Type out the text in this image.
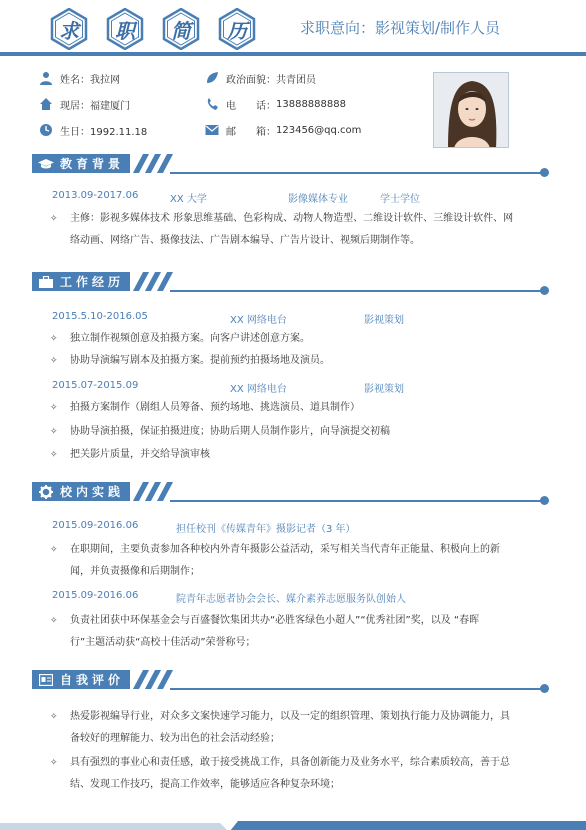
求 职 简 历	求职意向：影视策划/制作人员
姓名：我拉网
现居：福建厦门
生日：1992.11.18
政治面貌：共青团员
电　　话： 13888888888
邮　　箱： 123456@qq.com
教育背景
2013.09-2017.06	XX 大学	影像媒体专业	学士学位
✧	主修：影视多媒体技术 形象思维基础、色彩构成、动物人物造型、二维设计软件、三维设计软件、网
络动画、网络广告、摄像技法、广告剧本编导、广告片设计、视频后期制作等。
工作经历
2015.5.10-2016.05	XX 网络电台	影视策划
✧	独立制作视频创意及拍摄方案。向客户讲述创意方案。
✧	协助导演编写剧本及拍摄方案。提前预约拍摄场地及演员。
2015.07-2015.09	XX 网络电台	影视策划
✧	拍摄方案制作（剧组人员筹备、预约场地、挑选演员、道具制作）
✧	协助导演拍摄，保证拍摄进度；协助后期人员制作影片，向导演提交初稿
✧	把关影片质量，并交给导演审核
校内实践
2015.09-2016.06	担任校刊《传媒青年》摄影记者（3 年）
✧	在职期间，主要负责参加各种校内外青年摄影公益活动，采写相关当代青年正能量、积极向上的新
闻，并负责摄像和后期制作；
2015.09-2016.06	院青年志愿者协会会长、媒介素养志愿服务队创始人
✧	负责社团获中环保基金会与百盛餐饮集团共办“必胜客绿色小超人”“优秀社团”奖，以及 “春晖
行”主题活动获“高校十佳活动”荣誉称号；
自我评价
✧	热爱影视编导行业，对众多文案快速学习能力，以及一定的组织管理、策划执行能力及协调能力，具
备较好的理解能力、较为出色的社会活动经验；
✧	具有强烈的事业心和责任感，敢于接受挑战工作，具备创新能力及业务水平，综合素质较高，善于总
结、发现工作技巧，提高工作效率，能够适应各种复杂环境；
